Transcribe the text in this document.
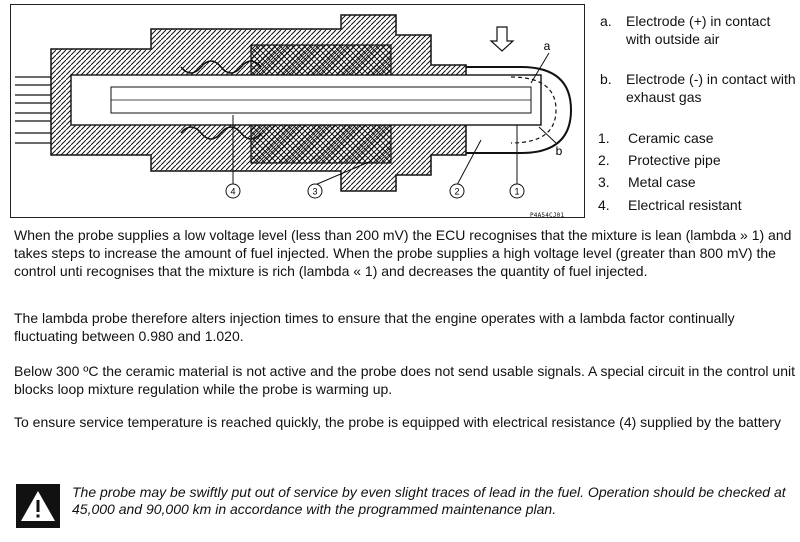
4	3	2	1
a
b
P4A54CJ01
a. Electrode (+) in contact with outside air
b. Electrode (-) in contact with exhaust gas
1. Ceramic case
2. Protective pipe
3. Metal case
4. Electrical resistant

When the probe supplies a low voltage level (less than 200 mV) the ECU recognises that the mixture is lean (lambda » 1) and takes steps to increase the amount of fuel injected. When the probe supplies a high voltage level (greater than 800 mV) the control unti recognises that the mixture is rich (lambda « 1) and decreases the quantity of fuel injected.

The lambda probe therefore alters injection times to ensure that the engine operates with a lambda factor continually fluctuating between 0.980 and 1.020.

Below 300 ºC the ceramic material is not active and the probe does not send usable signals. A special circuit in the control unit blocks loop mixture regulation while the probe is warming up.

To ensure service temperature is reached quickly, the probe is equipped with electrical resistance (4) supplied by the battery

The probe may be swiftly put out of service by even slight traces of lead in the fuel. Operation should be checked at 45,000 and 90,000 km in accordance with the programmed maintenance plan.
